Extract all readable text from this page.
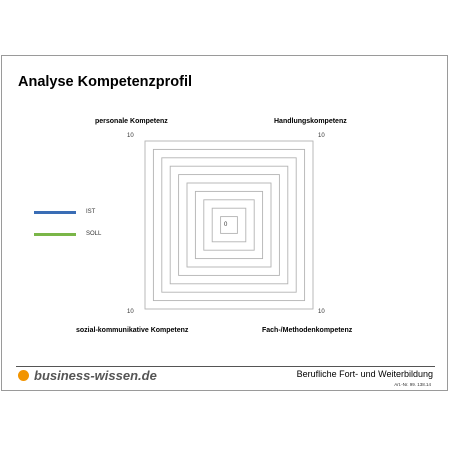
Analyse Kompetenzprofil
personale Kompetenz	Handlungskompetenz
sozial-kommunikative Kompetenz	Fach-/Methodenkompetenz
10	10
10	10
0
IST
SOLL
business-wissen.de	Berufliche Fort- und Weiterbildung
Art.-Nr. 99. 138.14
